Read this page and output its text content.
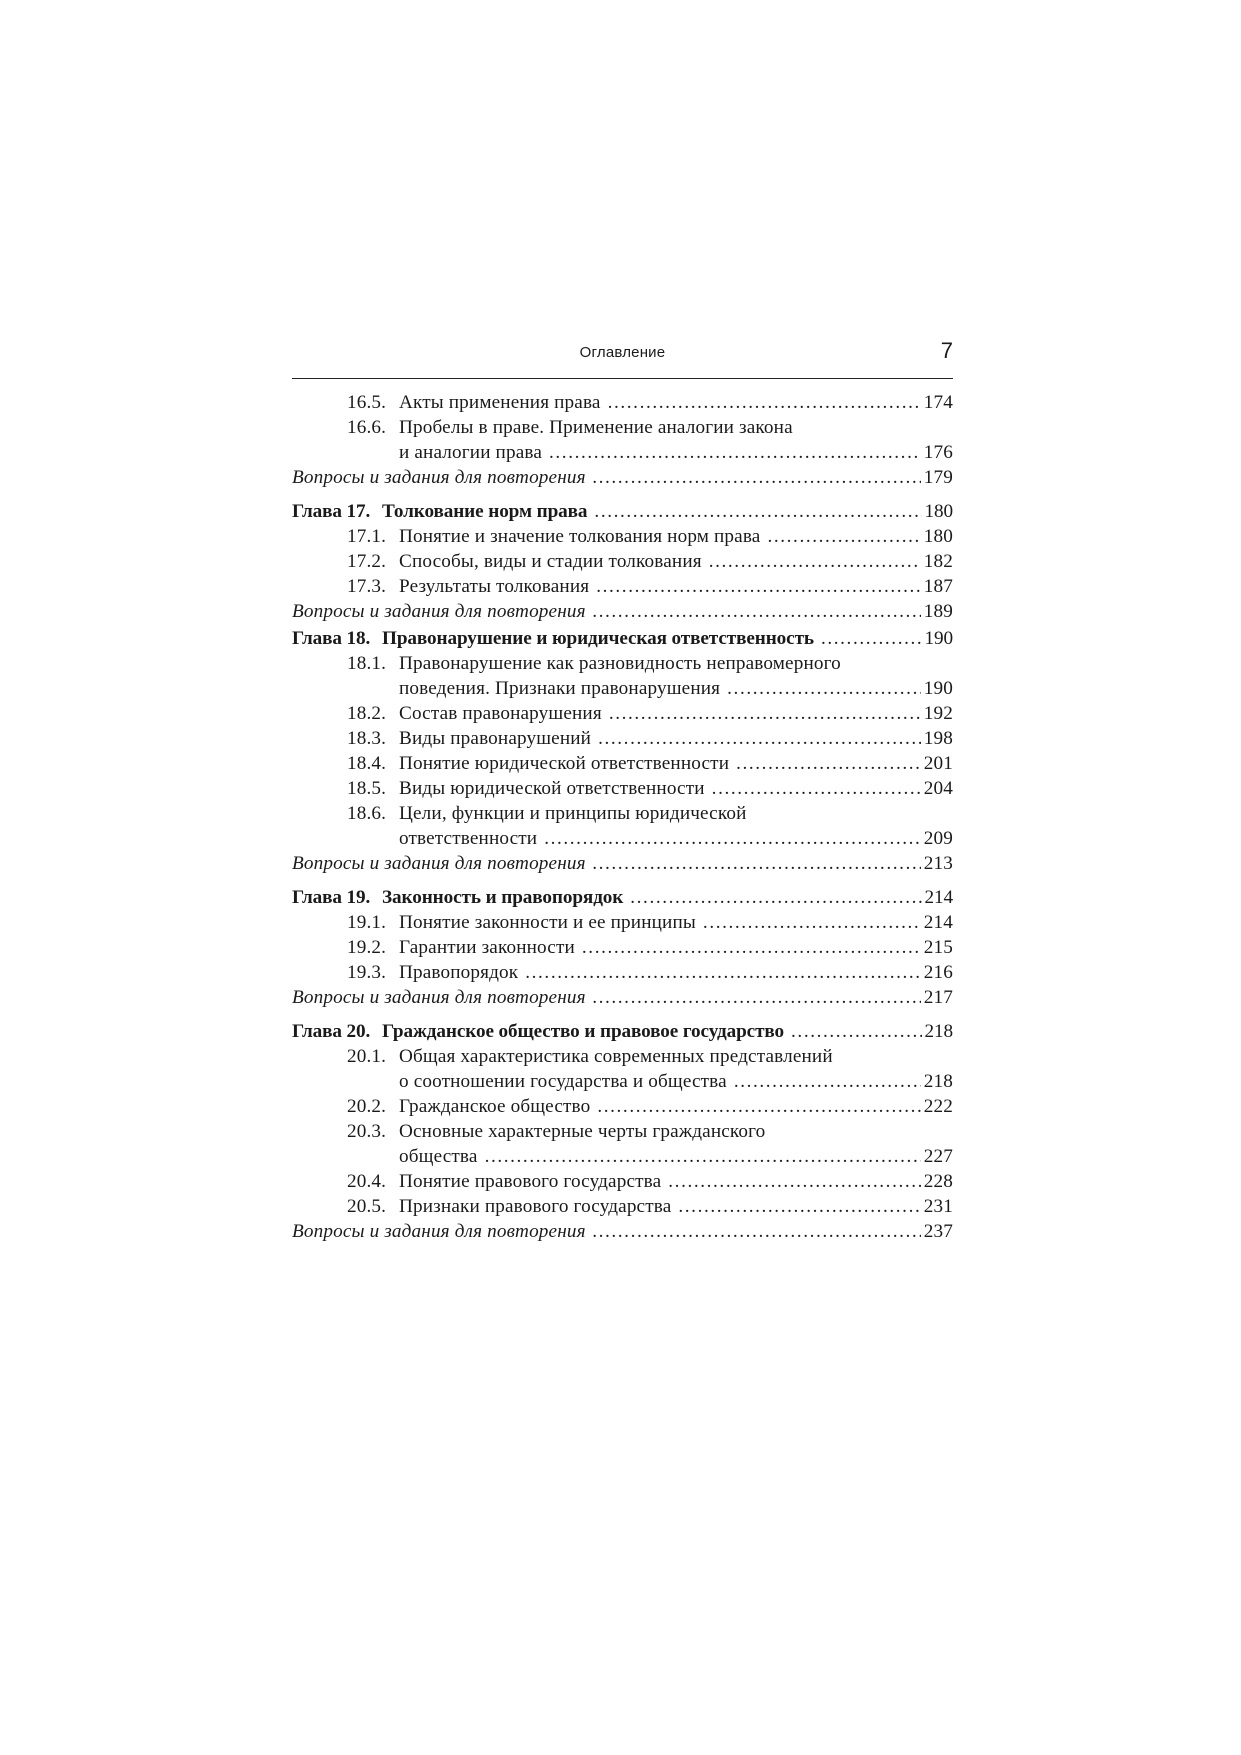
Оглавление	7
16.5. Акты применения права . . .	174
16.6. Пробелы в праве. Применение аналогии закона
и аналогии права . . .	176
Вопросы и задания для повторения . . .	179
Глава 17. Толкование норм права . . .	180
17.1. Понятие и значение толкования норм права . . .	180
17.2. Способы, виды и стадии толкования . . .	182
17.3. Результаты толкования . . .	187
Вопросы и задания для повторения . . .	189
Глава 18. Правонарушение и юридическая ответственность . . .	190
18.1. Правонарушение как разновидность неправомерного
поведения. Признаки правонарушения . . .	190
18.2. Состав правонарушения . . .	192
18.3. Виды правонарушений . . .	198
18.4. Понятие юридической ответственности . . .	201
18.5. Виды юридической ответственности . . .	204
18.6. Цели, функции и принципы юридической
ответственности . . .	209
Вопросы и задания для повторения . . .	213
Глава 19. Законность и правопорядок . . .	214
19.1. Понятие законности и ее принципы . . .	214
19.2. Гарантии законности . . .	215
19.3. Правопорядок . . .	216
Вопросы и задания для повторения . . .	217
Глава 20. Гражданское общество и правовое государство . . .	218
20.1. Общая характеристика современных представлений
о соотношении государства и общества . . .	218
20.2. Гражданское общество . . .	222
20.3. Основные характерные черты гражданского
общества . . .	227
20.4. Понятие правового государства . . .	228
20.5. Признаки правового государства . . .	231
Вопросы и задания для повторения . . .	237
